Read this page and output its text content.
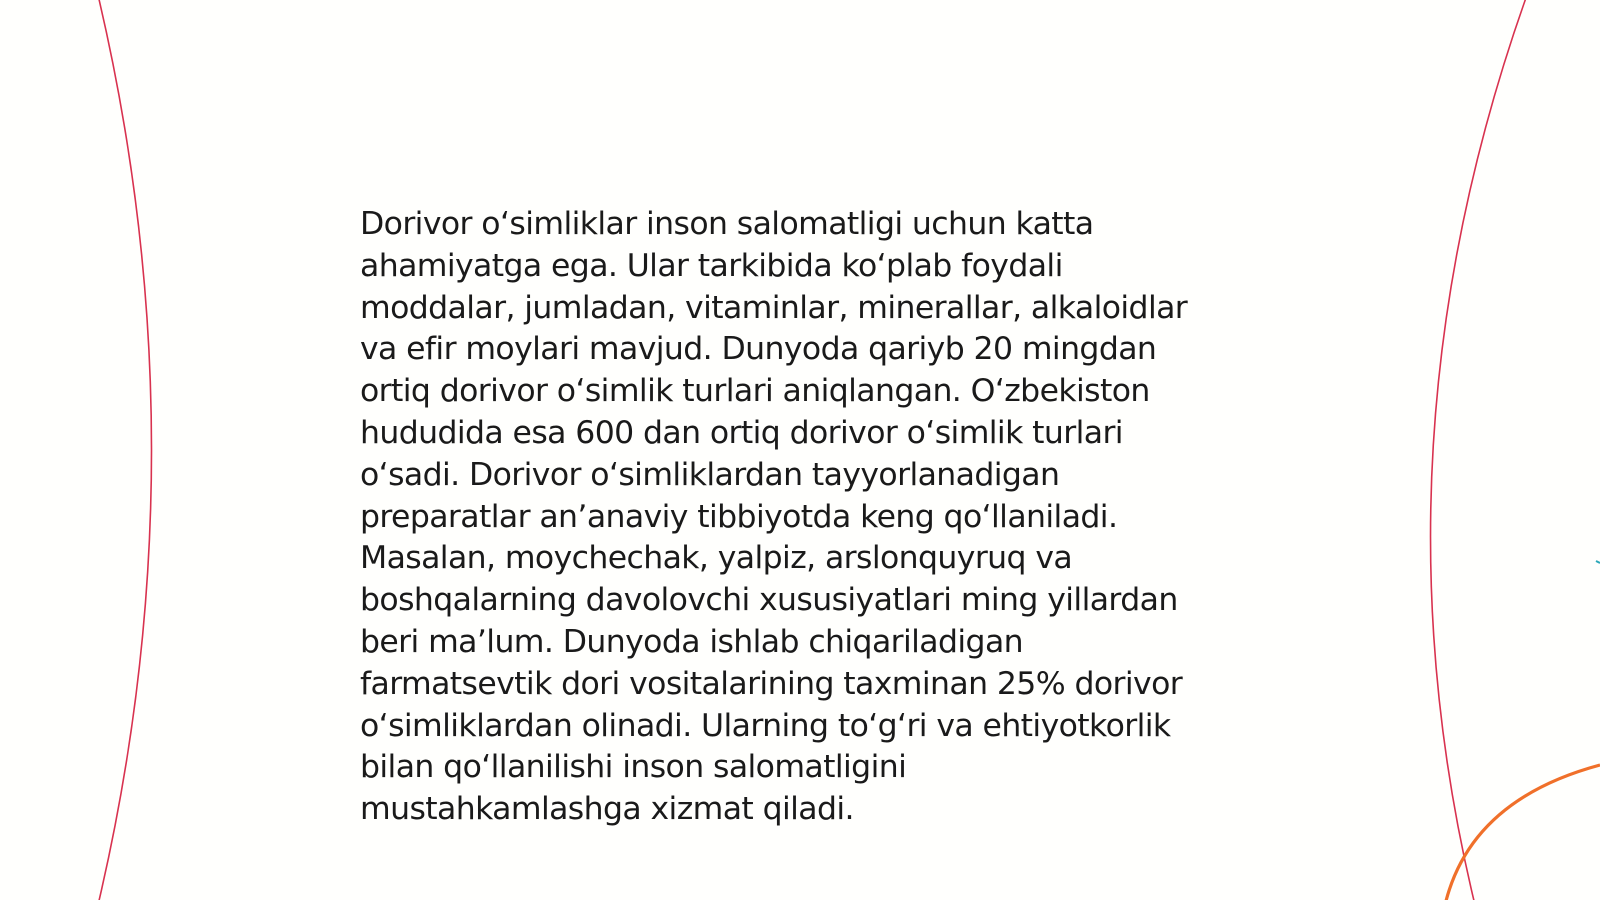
Dorivor oʻsimliklar inson salomatligi uchun katta
ahamiyatga ega. Ular tarkibida koʻplab foydali
moddalar, jumladan, vitaminlar, minerallar, alkaloidlar
va efir moylari mavjud. Dunyoda qariyb 20 mingdan
ortiq dorivor oʻsimlik turlari aniqlangan. Oʻzbekiston
hududida esa 600 dan ortiq dorivor oʻsimlik turlari
oʻsadi. Dorivor oʻsimliklardan tayyorlanadigan
preparatlar an’anaviy tibbiyotda keng qoʻllaniladi.
Masalan, moychechak, yalpiz, arslonquyruq va
boshqalarning davolovchi xususiyatlari ming yillardan
beri ma’lum. Dunyoda ishlab chiqariladigan
farmatsevtik dori vositalarining taxminan 25% dorivor
oʻsimliklardan olinadi. Ularning toʻgʻri va ehtiyotkorlik
bilan qoʻllanilishi inson salomatligini
mustahkamlashga xizmat qiladi.
